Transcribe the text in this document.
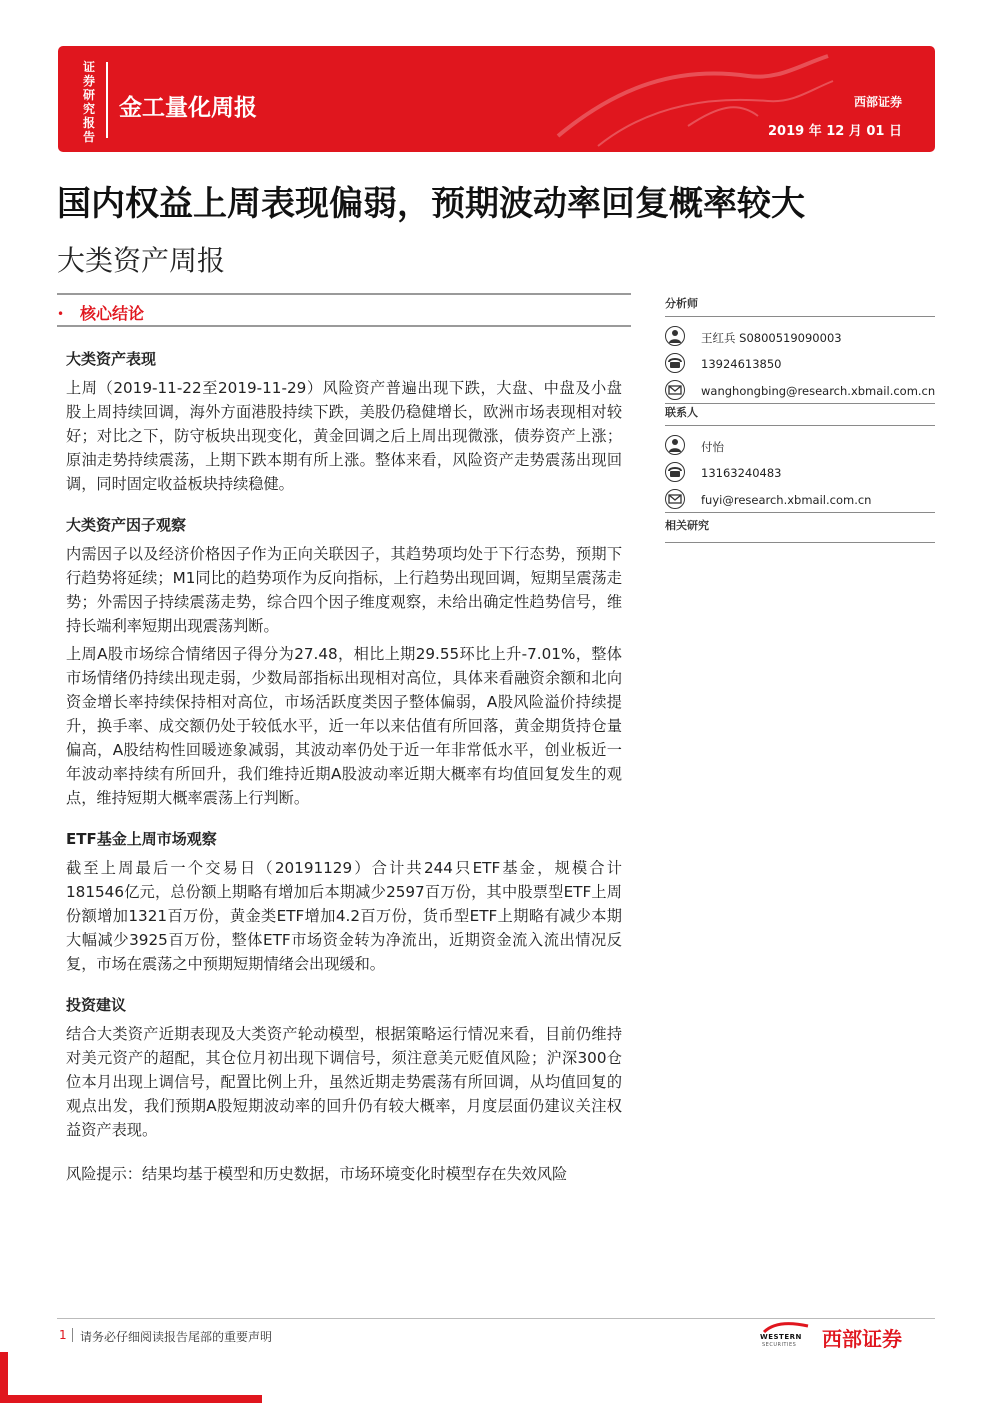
证券研究报告
金工量化周报	西部证券
2019 年 12 月 01 日
国内权益上周表现偏弱，预期波动率回复概率较大
大类资产周报
• 核心结论
大类资产表现

上周（2019-11-22至2019-11-29）风险资产普遍出现下跌，大盘、中盘及小盘股上周持续回调，海外方面港股持续下跌，美股仍稳健增长，欧洲市场表现相对较好；对比之下，防守板块出现变化，黄金回调之后上周出现微涨，债券资产上涨；原油走势持续震荡，上期下跌本期有所上涨。整体来看，风险资产走势震荡出现回调，同时固定收益板块持续稳健。

大类资产因子观察

内需因子以及经济价格因子作为正向关联因子，其趋势项均处于下行态势，预期下行趋势将延续；M1同比的趋势项作为反向指标，上行趋势出现回调，短期呈震荡走势；外需因子持续震荡走势，综合四个因子维度观察，未给出确定性趋势信号，维持长端利率短期出现震荡判断。

上周A股市场综合情绪因子得分为27.48，相比上期29.55环比上升-7.01%，整体市场情绪仍持续出现走弱，少数局部指标出现相对高位，具体来看融资余额和北向资金增长率持续保持相对高位，市场活跃度类因子整体偏弱，A股风险溢价持续提升，换手率、成交额仍处于较低水平，近一年以来估值有所回落，黄金期货持仓量偏高，A股结构性回暖迹象减弱，其波动率仍处于近一年非常低水平，创业板近一年波动率持续有所回升，我们维持近期A股波动率近期大概率有均值回复发生的观点，维持短期大概率震荡上行判断。

ETF基金上周市场观察

截至上周最后一个交易日（20191129）合计共244只ETF基金，规模合计181546亿元，总份额上期略有增加后本期减少2597百万份，其中股票型ETF上周份额增加1321百万份，黄金类ETF增加4.2百万份，货币型ETF上期略有减少本期大幅减少3925百万份，整体ETF市场资金转为净流出，近期资金流入流出情况反复，市场在震荡之中预期短期情绪会出现缓和。

投资建议

结合大类资产近期表现及大类资产轮动模型，根据策略运行情况来看，目前仍维持对美元资产的超配，其仓位月初出现下调信号，须注意美元贬值风险；沪深300仓位本月出现上调信号，配置比例上升，虽然近期走势震荡有所回调，从均值回复的观点出发，我们预期A股短期波动率的回升仍有较大概率，月度层面仍建议关注权益资产表现。

风险提示：结果均基于模型和历史数据，市场环境变化时模型存在失效风险

分析师
王红兵 S0800519090003
13924613850
wanghongbing@research.xbmail.com.cn
联系人
付怡
13163240483
fuyi@research.xbmail.com.cn
相关研究
1 请务必仔细阅读报告尾部的重要声明	WESTERN
SECURITIES 西部证券
